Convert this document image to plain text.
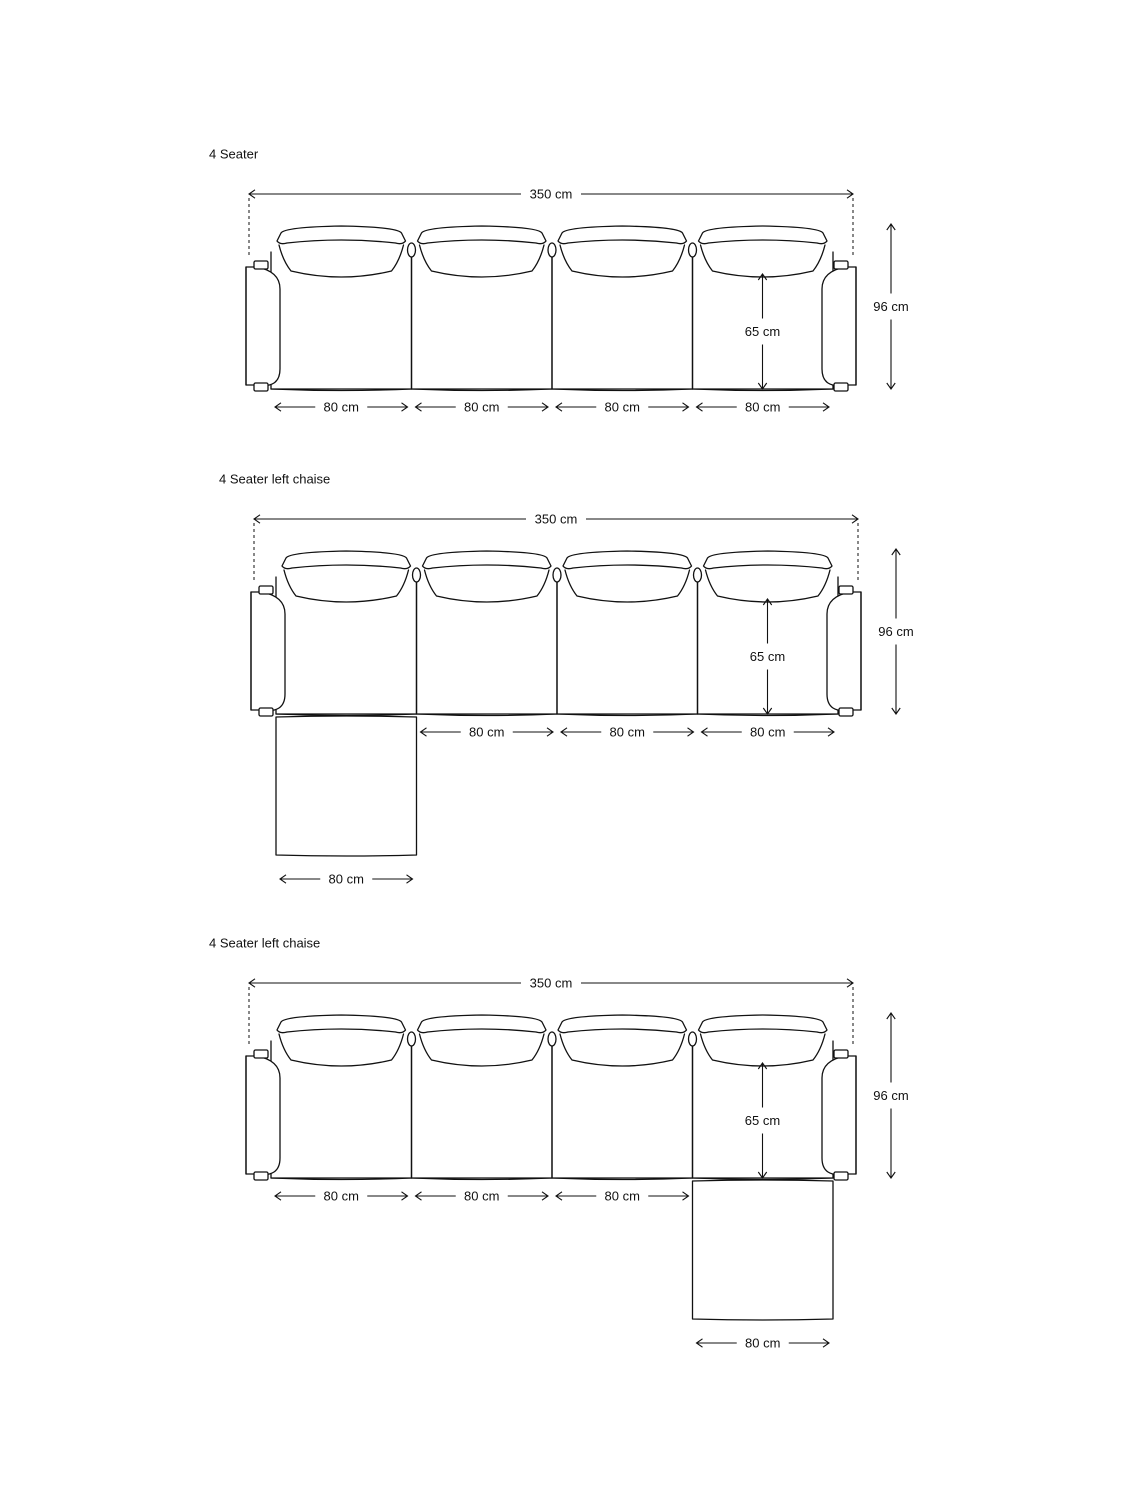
4 Seater
350 cm
96 cm
65 cm
80 cm	80 cm	80 cm	80 cm
4 Seater left chaise
350 cm
96 cm
65 cm
80 cm	80 cm	80 cm
80 cm
4 Seater left chaise
350 cm
96 cm
65 cm
80 cm	80 cm	80 cm
80 cm
